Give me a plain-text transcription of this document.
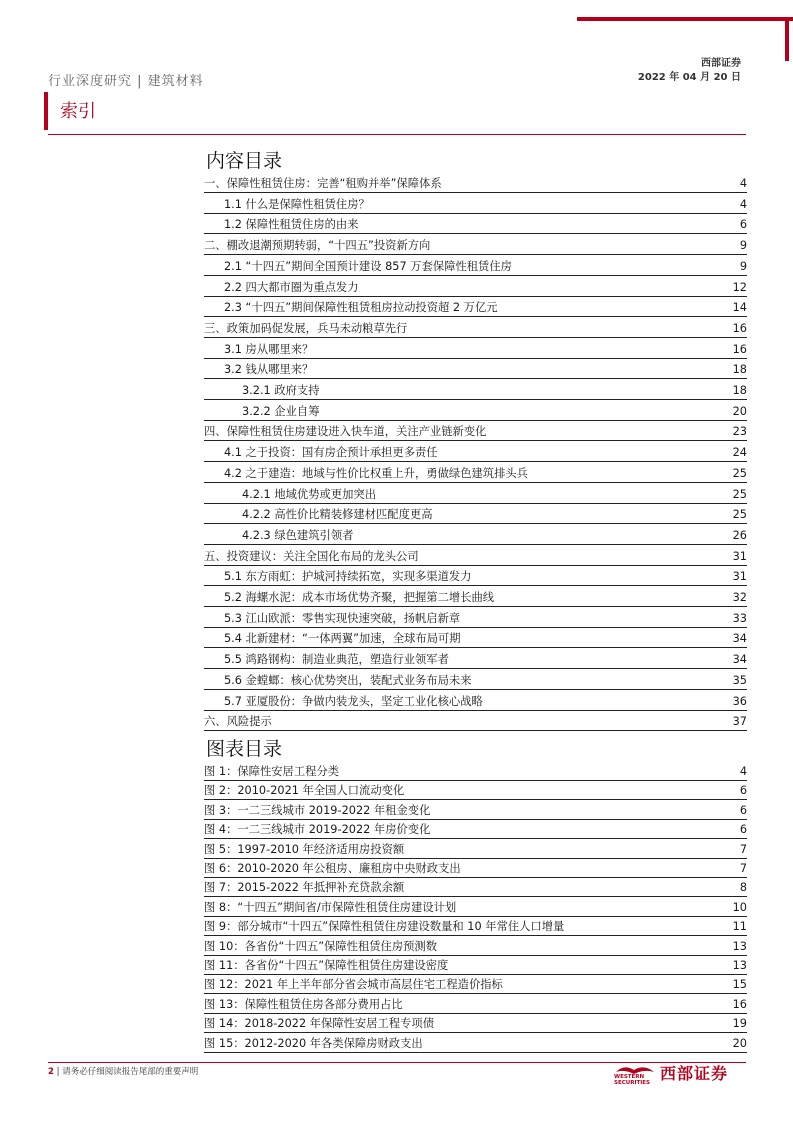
行业深度研究 | 建筑材料
西部证券
2022 年 04 月 20 日
索引
内容目录
一、保障性租赁住房：完善“租购并举”保障体系	4
1.1 什么是保障性租赁住房？	4
1.2 保障性租赁住房的由来	6
二、棚改退潮预期转弱，“十四五”投资新方向	9
2.1 “十四五”期间全国预计建设 857 万套保障性租赁住房	9
2.2 四大都市圈为重点发力	12
2.3 “十四五”期间保障性租赁租房拉动投资超 2 万亿元	14
三、政策加码促发展，兵马未动粮草先行	16
3.1 房从哪里来？	16
3.2 钱从哪里来？	18
3.2.1 政府支持	18
3.2.2 企业自筹	20
四、保障性租赁住房建设进入快车道，关注产业链新变化	23
4.1 之于投资：国有房企预计承担更多责任	24
4.2 之于建造：地域与性价比权重上升，勇做绿色建筑排头兵	25
4.2.1 地域优势或更加突出	25
4.2.2 高性价比精装修建材匹配度更高	25
4.2.3 绿色建筑引领者	26
五、投资建议：关注全国化布局的龙头公司	31
5.1 东方雨虹：护城河持续拓宽，实现多渠道发力	31
5.2 海螺水泥：成本市场优势齐聚，把握第二增长曲线	32
5.3 江山欧派：零售实现快速突破，扬帆启新章	33
5.4 北新建材：“一体两翼”加速，全球布局可期	34
5.5 鸿路钢构：制造业典范，塑造行业领军者	34
5.6 金螳螂：核心优势突出，装配式业务布局未来	35
5.7 亚厦股份：争做内装龙头，坚定工业化核心战略	36
六、风险提示	37
图表目录
图 1：保障性安居工程分类	4
图 2：2010-2021 年全国人口流动变化	6
图 3：一二三线城市 2019-2022 年租金变化	6
图 4：一二三线城市 2019-2022 年房价变化	6
图 5：1997-2010 年经济适用房投资额	7
图 6：2010-2020 年公租房、廉租房中央财政支出	7
图 7：2015-2022 年抵押补充贷款余额	8
图 8：“十四五”期间省/市保障性租赁住房建设计划	10
图 9：部分城市“十四五”保障性租赁住房建设数量和 10 年常住人口增量	11
图 10：各省份“十四五”保障性租赁住房预测数	13
图 11：各省份“十四五”保障性租赁住房建设密度	13
图 12：2021 年上半年部分省会城市高层住宅工程造价指标	15
图 13：保障性租赁住房各部分费用占比	16
图 14：2018-2022 年保障性安居工程专项债	19
图 15：2012-2020 年各类保障房财政支出	20
2 | 请务必仔细阅读报告尾部的重要声明	WESTERN
SECURITIES 西部证券
